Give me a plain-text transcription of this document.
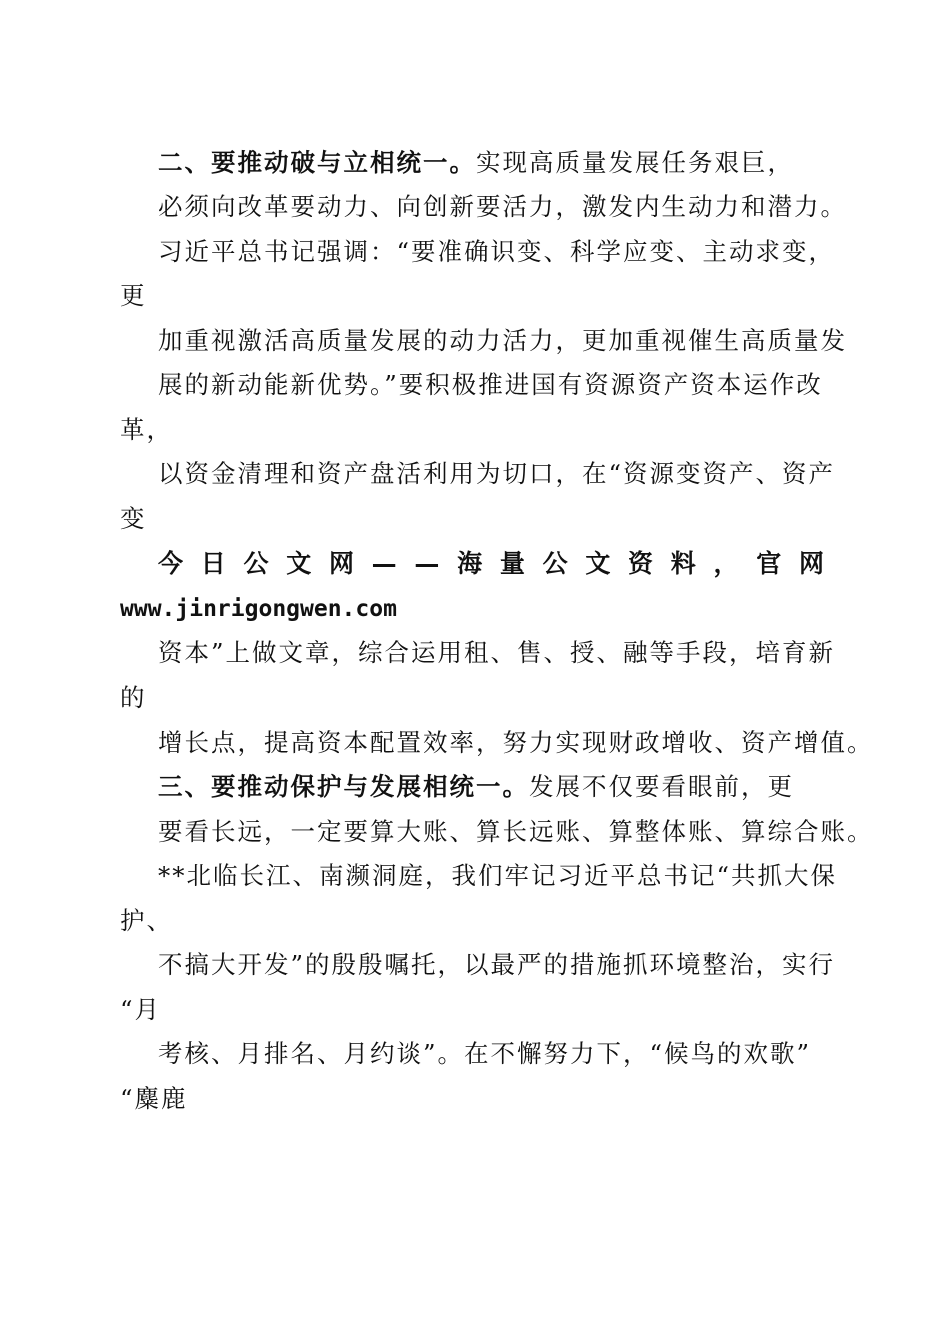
二、要推动破与立相统一。实现高质量发展任务艰巨，
必须向改革要动力、向创新要活力，激发内生动力和潜力。
习近平总书记强调：“要准确识变、科学应变、主动求变，
更
加重视激活高质量发展的动力活力，更加重视催生高质量发
展的新动能新优势。”要积极推进国有资源资产资本运作改
革，
以资金清理和资产盘活利用为切口，在“资源变资产、资产
变
今 日 公 文 网 — — 海 量 公 文 资 料 ， 官 网
www.jinrigongwen.com
资本”上做文章，综合运用租、售、授、融等手段，培育新
的
增长点，提高资本配置效率，努力实现财政增收、资产增值。
三、要推动保护与发展相统一。发展不仅要看眼前，更
要看长远，一定要算大账、算长远账、算整体账、算综合账。
**北临长江、南濒洞庭，我们牢记习近平总书记“共抓大保
护、
不搞大开发”的殷殷嘱托，以最严的措施抓环境整治，实行
“月
考核、月排名、月约谈”。在不懈努力下，“候鸟的欢歌”
“麋鹿
